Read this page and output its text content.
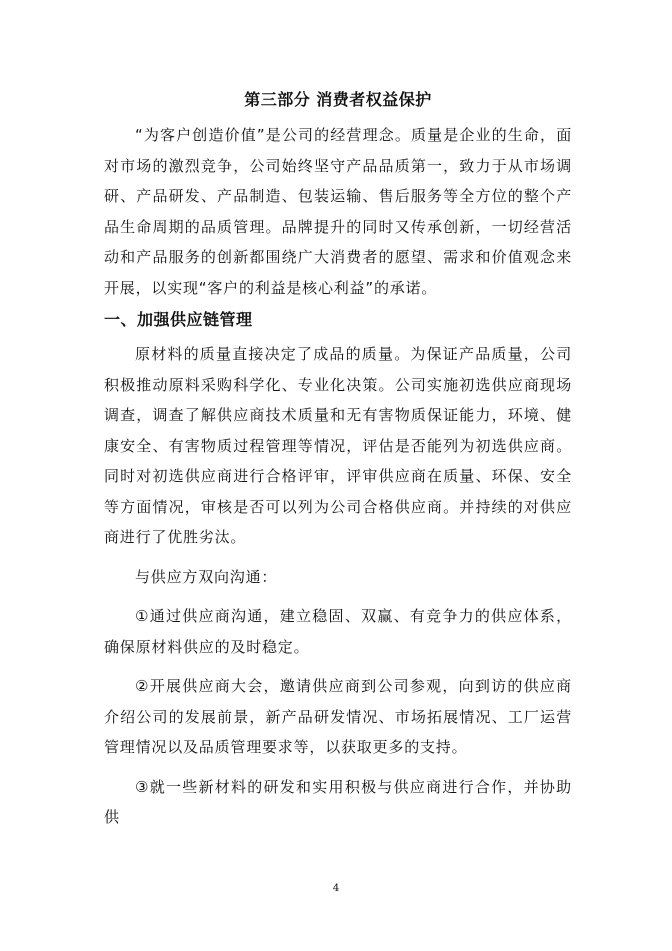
第三部分 消费者权益保护

“为客户创造价值”是公司的经营理念。质量是企业的生命，面对市场的激烈竞争，公司始终坚守产品品质第一，致力于从市场调研、产品研发、产品制造、包装运输、售后服务等全方位的整个产品生命周期的品质管理。品牌提升的同时又传承创新，一切经营活动和产品服务的创新都围绕广大消费者的愿望、需求和价值观念来开展，以实现“客户的利益是核心利益”的承诺。

一、加强供应链管理

原材料的质量直接决定了成品的质量。为保证产品质量，公司积极推动原料采购科学化、专业化决策。公司实施初选供应商现场调查，调查了解供应商技术质量和无有害物质保证能力，环境、健康安全、有害物质过程管理等情况，评估是否能列为初选供应商。同时对初选供应商进行合格评审，评审供应商在质量、环保、安全等方面情况，审核是否可以列为公司合格供应商。并持续的对供应商进行了优胜劣汰。

与供应方双向沟通：

①通过供应商沟通，建立稳固、双赢、有竞争力的供应体系，确保原材料供应的及时稳定。

②开展供应商大会，邀请供应商到公司参观，向到访的供应商介绍公司的发展前景，新产品研发情况、市场拓展情况、工厂运营管理情况以及品质管理要求等，以获取更多的支持。

③就一些新材料的研发和实用积极与供应商进行合作，并协助供

4
